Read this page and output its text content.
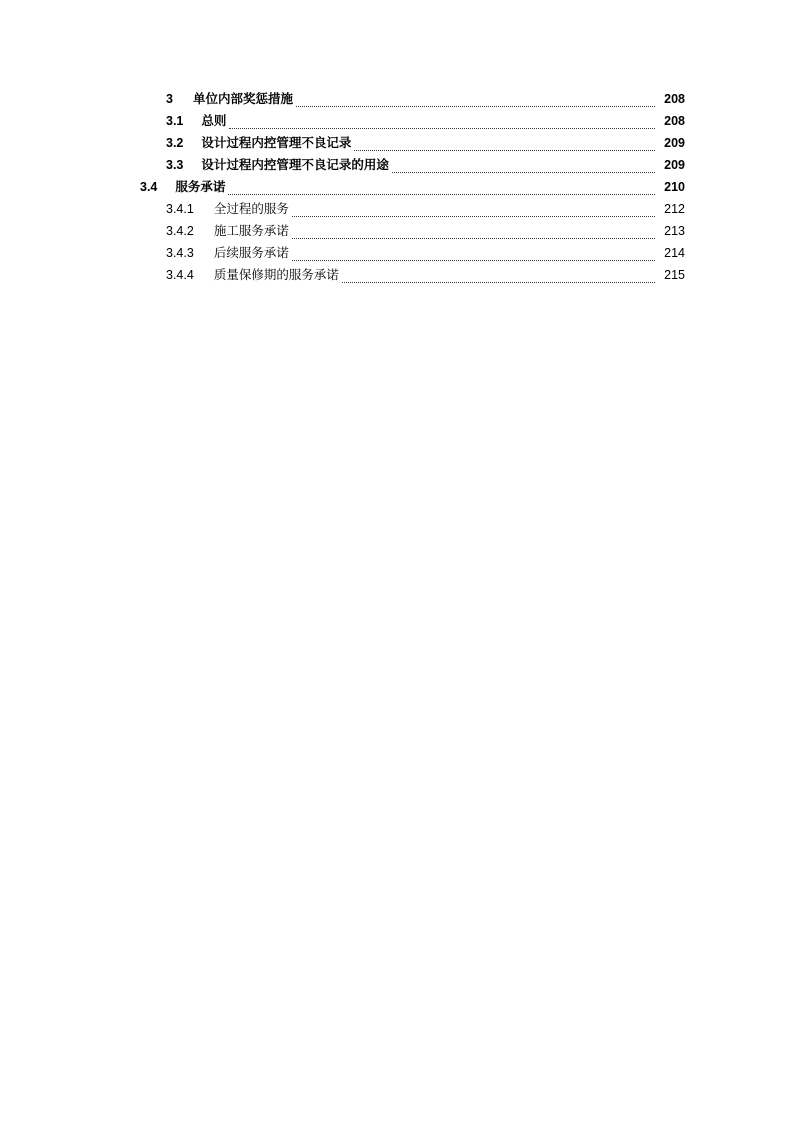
3 单位内部奖惩措施	208
3.1 总则	208
3.2 设计过程内控管理不良记录	209
3.3 设计过程内控管理不良记录的用途	209
3.4 服务承诺	210
3.4.1 全过程的服务	212
3.4.2 施工服务承诺	213
3.4.3 后续服务承诺	214
3.4.4 质量保修期的服务承诺	215
